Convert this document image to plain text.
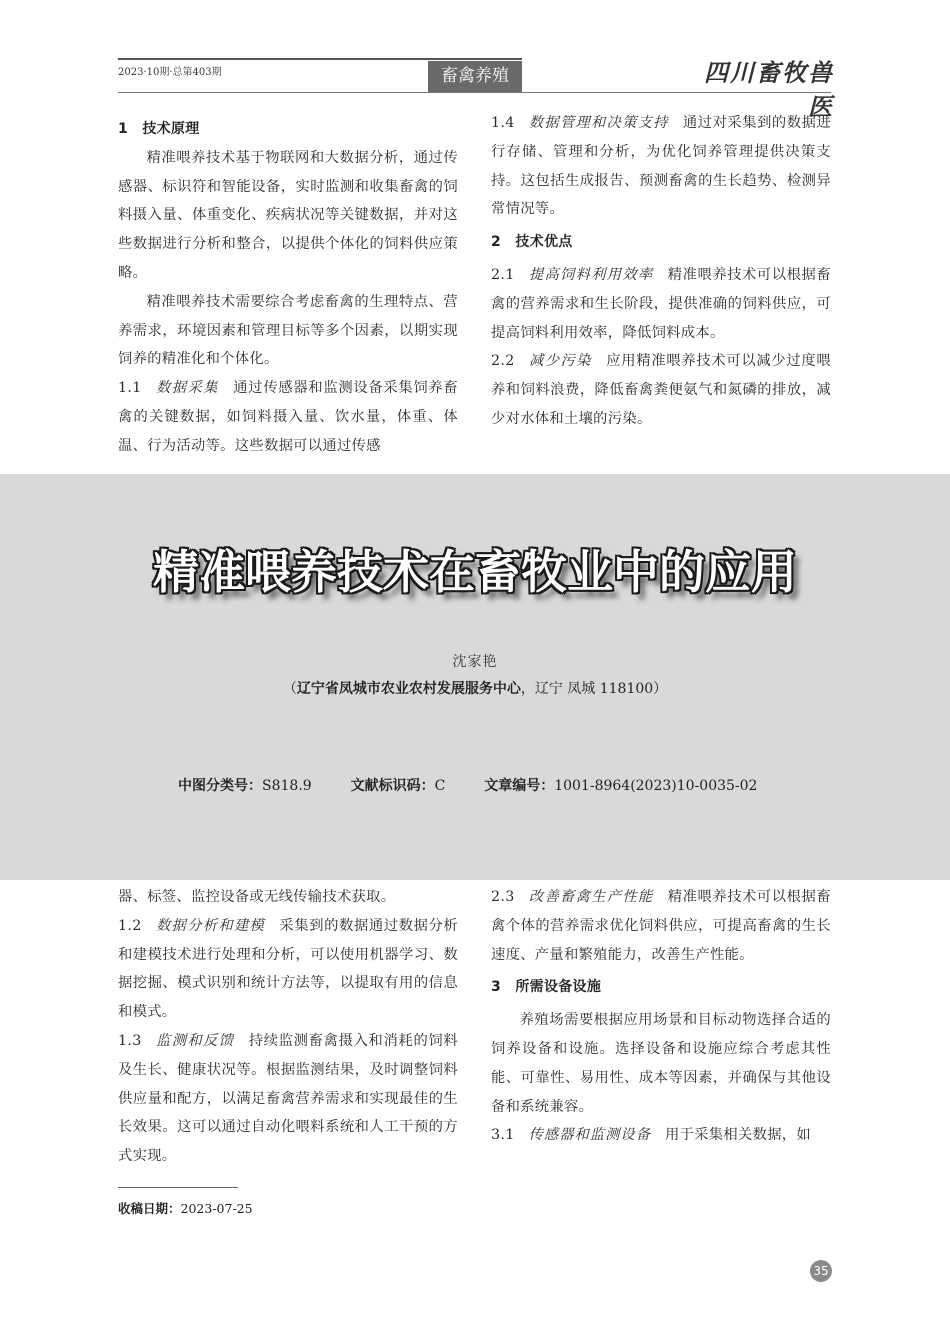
2023·10期·总第403期	畜禽养殖	四川畜牧兽医

1　技术原理

精准喂养技术基于物联网和大数据分析，通过传感器、标识符和智能设备，实时监测和收集畜禽的饲料摄入量、体重变化、疾病状况等关键数据，并对这些数据进行分析和整合，以提供个体化的饲料供应策略。

精准喂养技术需要综合考虑畜禽的生理特点、营养需求，环境因素和管理目标等多个因素，以期实现饲养的精准化和个体化。

1.1 数据采集 通过传感器和监测设备采集饲养畜禽的关键数据，如饲料摄入量、饮水量，体重、体温、行为活动等。这些数据可以通过传感

1.4 数据管理和决策支持 通过对采集到的数据进行存储、管理和分析，为优化饲养管理提供决策支持。这包括生成报告、预测畜禽的生长趋势、检测异常情况等。

2　技术优点

2.1 提高饲料利用效率 精准喂养技术可以根据畜禽的营养需求和生长阶段，提供准确的饲料供应，可提高饲料利用效率，降低饲料成本。

2.2 减少污染 应用精准喂养技术可以减少过度喂养和饲料浪费，降低畜禽粪便氨气和氮磷的排放，减少对水体和土壤的污染。

精准喂养技术在畜牧业中的应用
沈家艳
（辽宁省凤城市农业农村发展服务中心，辽宁 凤城 118100）
中图分类号：S818.9	文献标识码：C	文章编号：1001-8964(2023)10-0035-02

器、标签、监控设备或无线传输技术获取。

1.2 数据分析和建模 采集到的数据通过数据分析和建模技术进行处理和分析，可以使用机器学习、数据挖掘、模式识别和统计方法等，以提取有用的信息和模式。

1.3 监测和反馈 持续监测畜禽摄入和消耗的饲料及生长、健康状况等。根据监测结果，及时调整饲料供应量和配方，以满足畜禽营养需求和实现最佳的生长效果。这可以通过自动化喂料系统和人工干预的方式实现。

2.3 改善畜禽生产性能 精准喂养技术可以根据畜禽个体的营养需求优化饲料供应，可提高畜禽的生长速度、产量和繁殖能力，改善生产性能。

3　所需设备设施

养殖场需要根据应用场景和目标动物选择合适的饲养设备和设施。选择设备和设施应综合考虑其性能、可靠性、易用性、成本等因素，并确保与其他设备和系统兼容。

3.1 传感器和监测设备 用于采集相关数据，如

收稿日期：2023-07-25
35
